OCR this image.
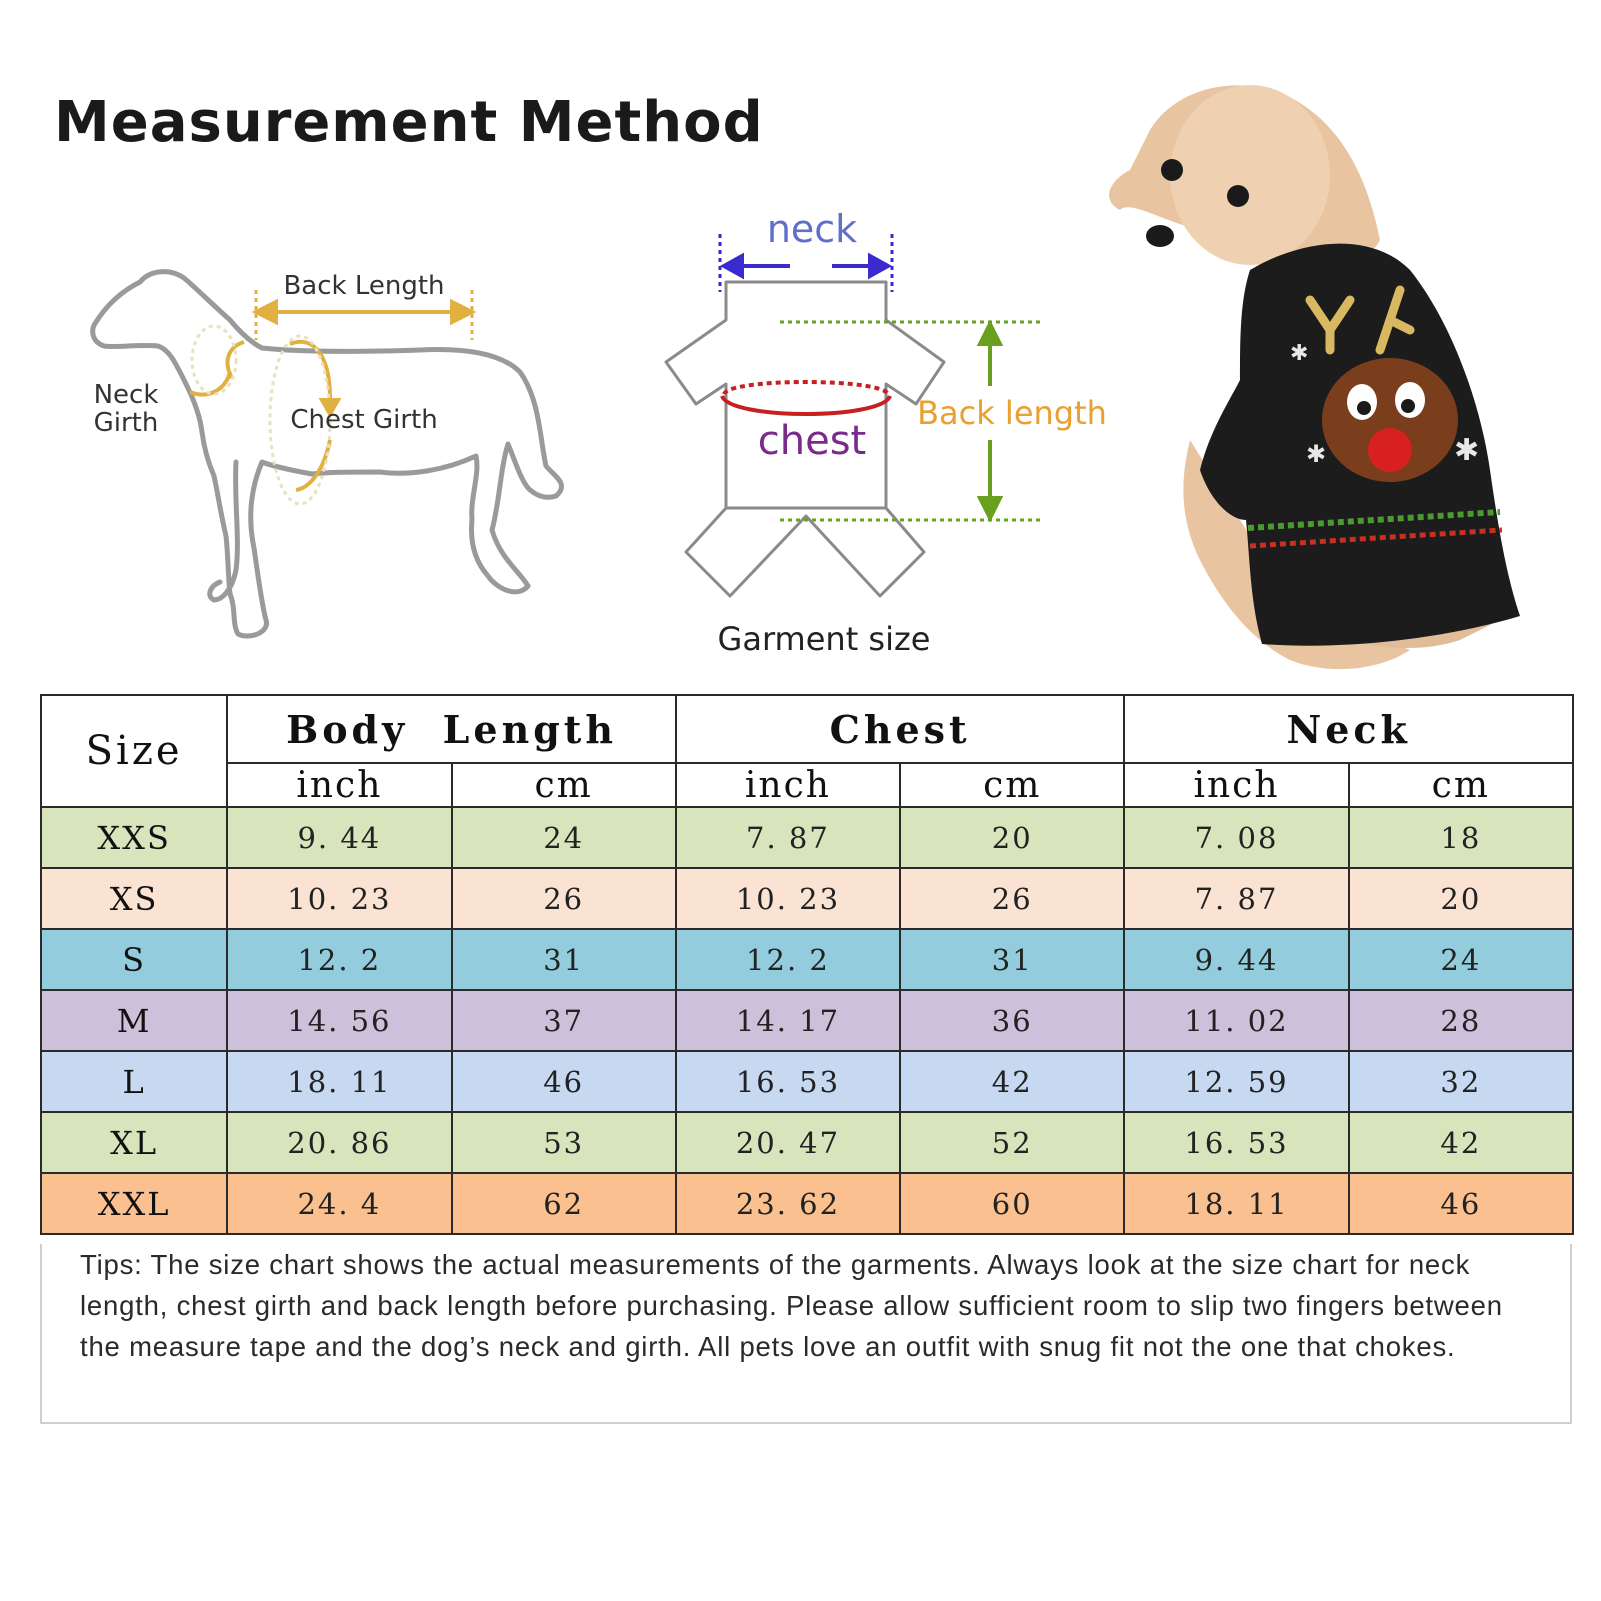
Measurement Method
Back Length
Neck
Girth	Chest Girth
neck
chest
Back length
Garment size
✱
✱
✱
Size	Body  Length		Chest		Neck	
	inch	cm	inch	cm	inch	cm
XXS	9. 44	24	7. 87	20	7. 08	18
XS	10. 23	26	10. 23	26	7. 87	20
S	12. 2	31	12. 2	31	9. 44	24
M	14. 56	37	14. 17	36	11. 02	28
L	18. 11	46	16. 53	42	12. 59	32
XL	20. 86	53	20. 47	52	16. 53	42
XXL	24. 4	62	23. 62	60	18. 11	46
Tips: The size chart shows the actual measurements of the garments. Always look at the size chart for neck length, chest girth and back length before purchasing. Please allow sufficient room to slip two fingers between the measure tape and the dog’s neck and girth. All pets love an outfit with snug fit not the one that chokes.
